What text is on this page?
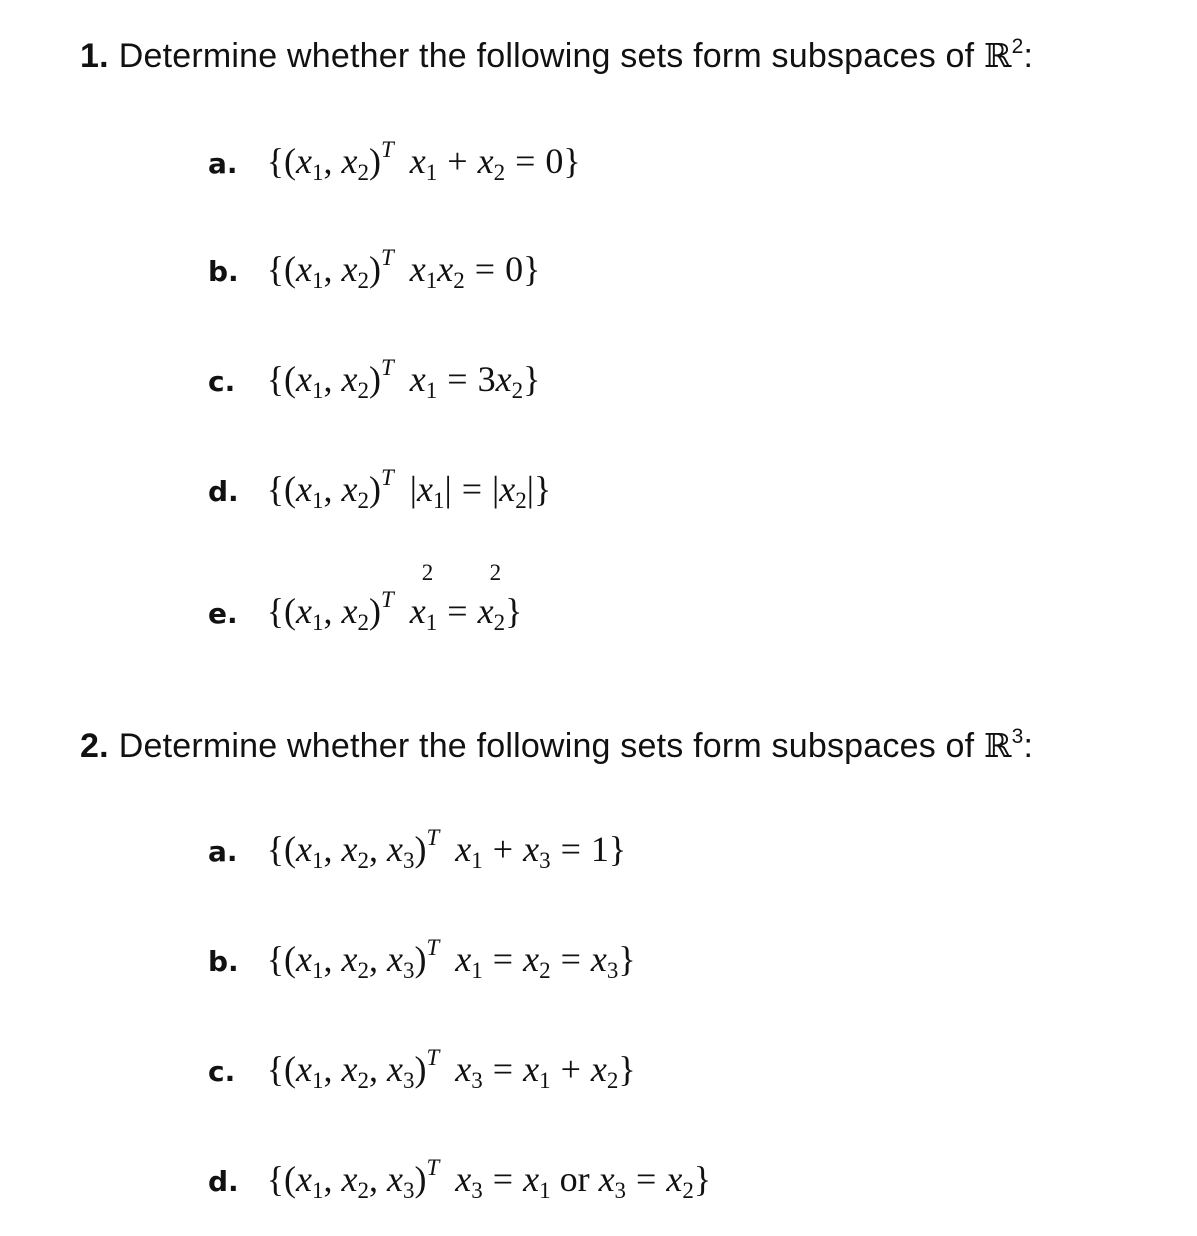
1. Determine whether the following sets form subspaces of ℝ$^2$:
a. {($x_1$, $x_2)^T$ $x_1 + x_2 = 0$}
b. {($x_1$, $x_2)^T$ $x_1x_2 = 0$}
c. {($x_1$, $x_2)^T$ $x_1 = 3x_2$}
d. {($x_1$, $x_2)^T$ $|x_1| = |x_2|$}
e. {($x_1$, $x_2)^T$
2
$x_1$ =
2
$x_2$}
2. Determine whether the following sets form subspaces of ℝ$^3$:
a. {($x_1$, $x_2$, $x_3)^T$ $x_1 + x_3 = 1$}
b. {($x_1$, $x_2$, $x_3)^T$ $x_1 = x_2 = x_3$}
c. {($x_1$, $x_2$, $x_3)^T$ $x_3 = x_1 + x_2$}
d. {($x_1$, $x_2$, $x_3)^T$ $x_3 = x_1$ or $x_3 = x_2$}
